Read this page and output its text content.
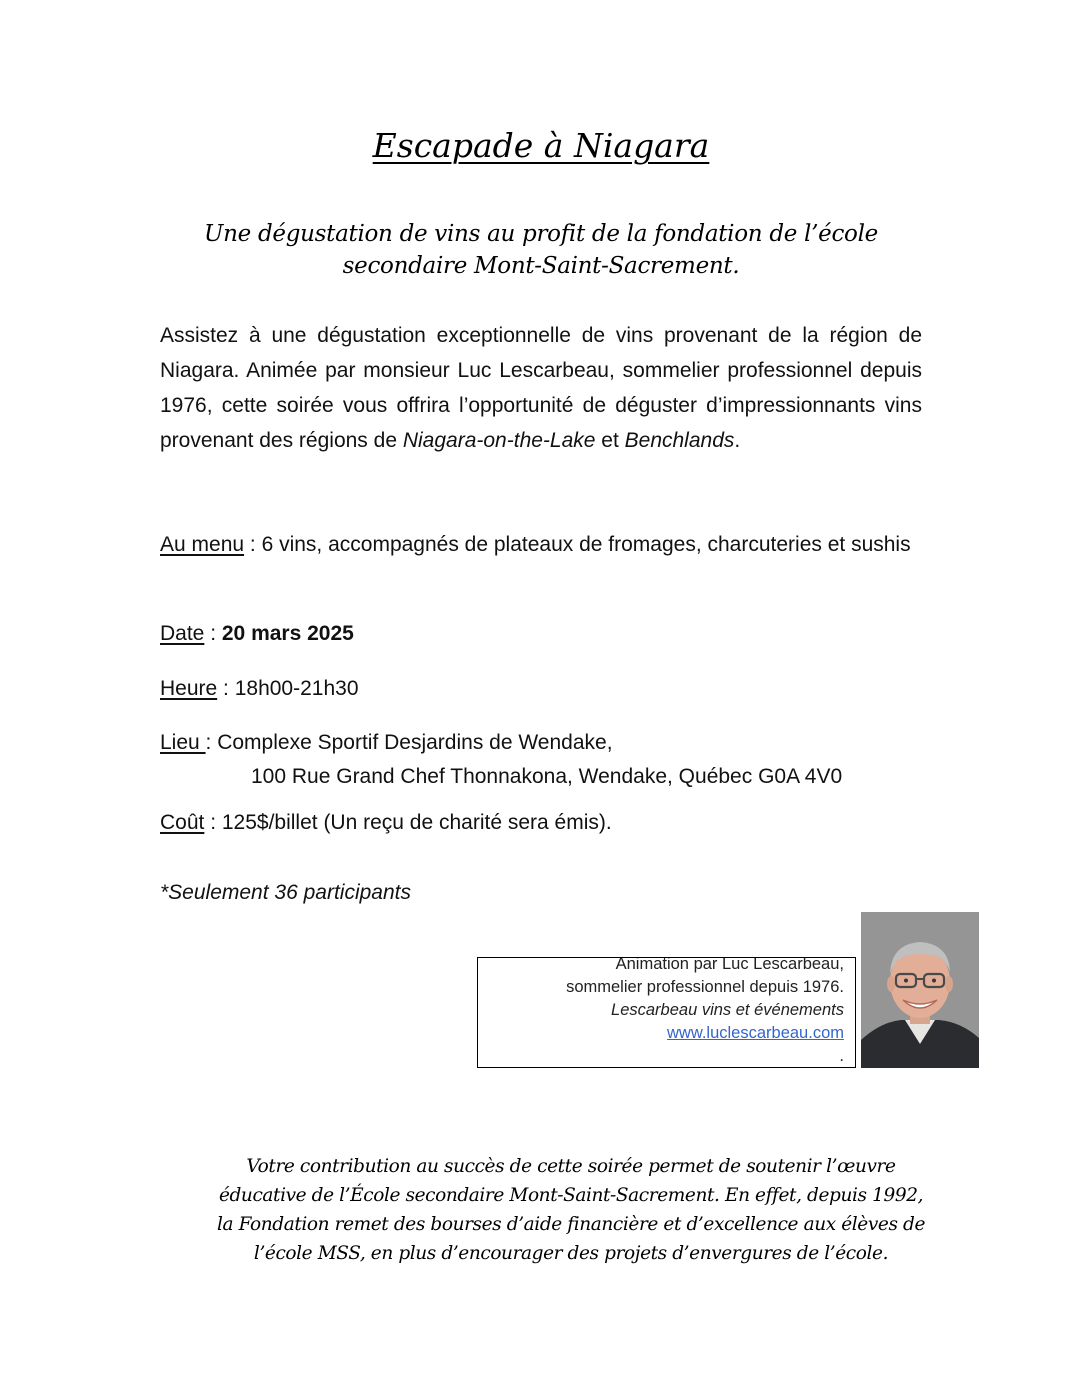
Escapade à Niagara
Une dégustation de vins au profit de la fondation de l’école secondaire Mont-Saint-Sacrement.
Assistez à une dégustation exceptionnelle de vins provenant de la région de Niagara. Animée par monsieur Luc Lescarbeau, sommelier professionnel depuis 1976, cette soirée vous offrira l’opportunité de déguster d’impressionnants vins provenant des régions de Niagara-on-the-Lake et Benchlands.
Au menu : 6 vins, accompagnés de plateaux de fromages, charcuteries et sushis
Date : 20 mars 2025
Heure : 18h00-21h30
Lieu : Complexe Sportif Desjardins de Wendake,
100 Rue Grand Chef Thonnakona, Wendake, Québec G0A 4V0
Coût : 125$/billet (Un reçu de charité sera émis).
*Seulement 36 participants
Animation par Luc Lescarbeau,
sommelier professionnel depuis 1976.
Lescarbeau vins et événements
www.luclescarbeau.com
.
Votre contribution au succès de cette soirée permet de soutenir l’œuvre éducative de l’École secondaire Mont-Saint-Sacrement. En effet, depuis 1992, la Fondation remet des bourses d’aide financière et d’excellence aux élèves de l’école MSS, en plus d’encourager des projets d’envergures de l’école.
